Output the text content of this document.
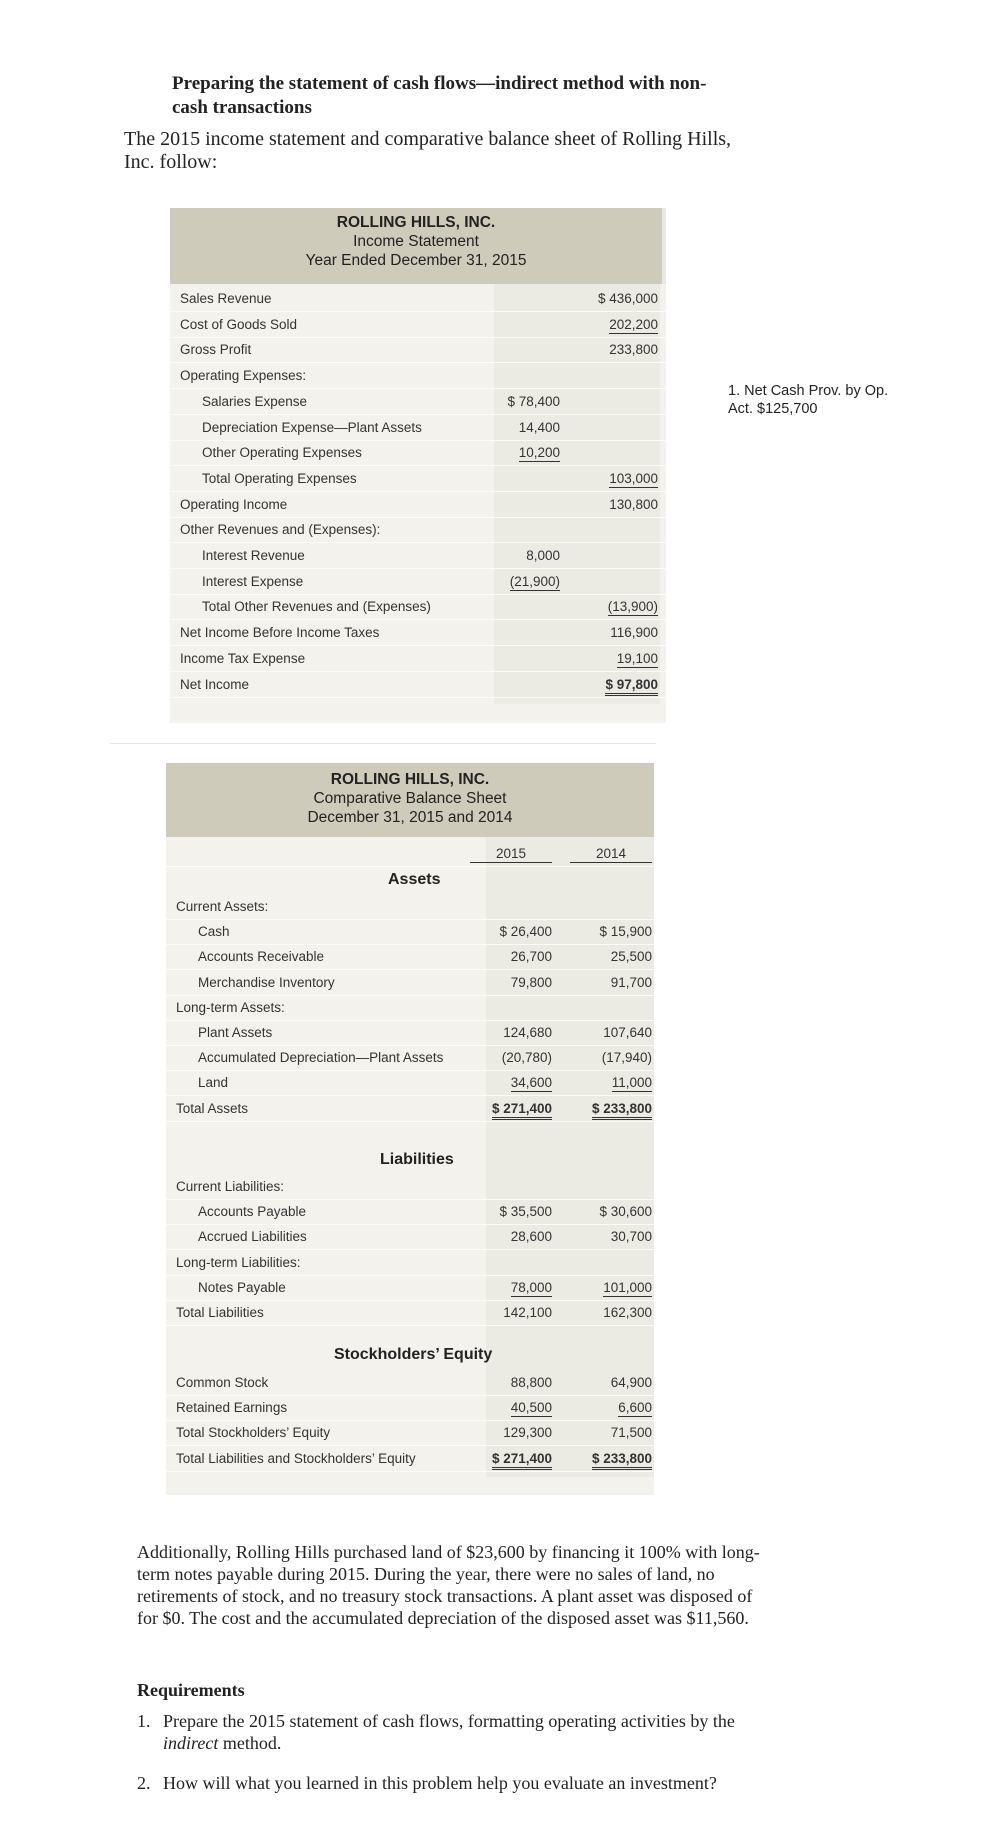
Preparing the statement of cash flows—indirect method with non-cash transactions
The 2015 income statement and comparative balance sheet of Rolling Hills, Inc. follow:
ROLLING HILLS, INC.
Income Statement
Year Ended December 31, 2015
Sales Revenue	$ 436,000
Cost of Goods Sold	202,200
Gross Profit	233,800
Operating Expenses:
Salaries Expense	$ 78,400
Depreciation Expense—Plant Assets	14,400
Other Operating Expenses	10,200
Total Operating Expenses	103,000
Operating Income	130,800
Other Revenues and (Expenses):
Interest Revenue	8,000
Interest Expense	(21,900)
Total Other Revenues and (Expenses)	(13,900)
Net Income Before Income Taxes	116,900
Income Tax Expense	19,100
Net Income	$ 97,800
1. Net Cash Prov. by Op. Act. $125,700
ROLLING HILLS, INC.
Comparative Balance Sheet
December 31, 2015 and 2014
2015	2014
Assets
Liabilities
Stockholders’ Equity
Current Assets:
Cash	$ 26,400	$ 15,900
Accounts Receivable	26,700	25,500
Merchandise Inventory	79,800	91,700
Long-term Assets:
Plant Assets	124,680	107,640
Accumulated Depreciation—Plant Assets	(20,780)	(17,940)
Land	34,600	11,000
Total Assets	$ 271,400	$ 233,800
Current Liabilities:
Accounts Payable	$ 35,500	$ 30,600
Accrued Liabilities	28,600	30,700
Long-term Liabilities:
Notes Payable	78,000	101,000
Total Liabilities	142,100	162,300
Common Stock	88,800	64,900
Retained Earnings	40,500	6,600
Total Stockholders’ Equity	129,300	71,500
Total Liabilities and Stockholders’ Equity	$ 271,400	$ 233,800
Additionally, Rolling Hills purchased land of $23,600 by financing it 100% with long-term notes payable during 2015. During the year, there were no sales of land, no retirements of stock, and no treasury stock transactions. A plant asset was disposed of for $0. The cost and the accumulated depreciation of the disposed asset was $11,560.
Requirements
1. Prepare the 2015 statement of cash flows, formatting operating activities by the indirect method.
2. How will what you learned in this problem help you evaluate an investment?
